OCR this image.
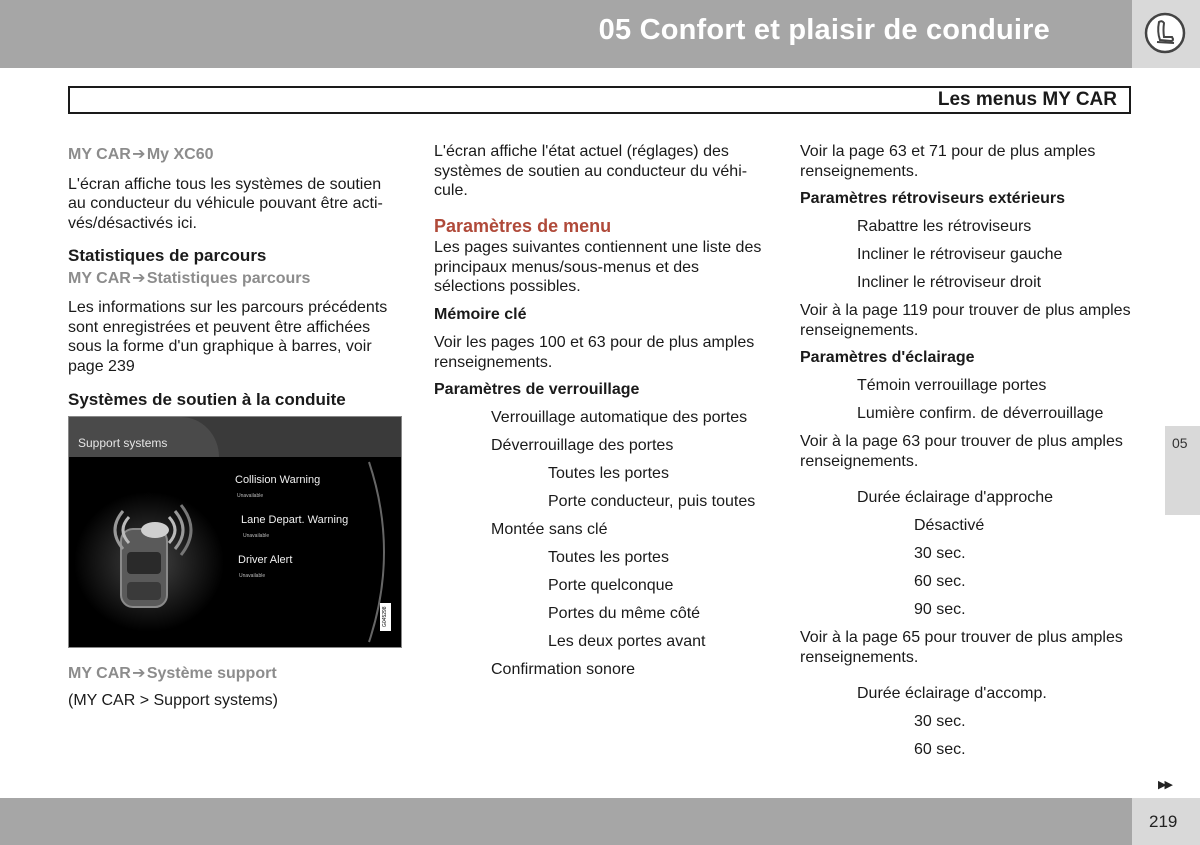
05 Confort et plaisir de conduire
Les menus MY CAR
MY CAR➔My XC60
L'écran affiche tous les systèmes de soutien au conducteur du véhicule pouvant être acti-vés/désactivés ici.
Statistiques de parcours
MY CAR➔Statistiques parcours
Les informations sur les parcours précédents sont enregistrées et peuvent être affichées sous la forme d'un graphique à barres, voir page 239
Systèmes de soutien à la conduite
Support systems
Collision Warning
Unavailable
Lane Depart. Warning
Unavailable
Driver Alert
Unavailable
G045298
MY CAR➔Système support
(MY CAR > Support systems)
L'écran affiche l'état actuel (réglages) des systèmes de soutien au conducteur du véhi-cule.
Paramètres de menu
Les pages suivantes contiennent une liste des principaux menus/sous-menus et des sélections possibles.
Mémoire clé
Voir les pages 100 et 63 pour de plus amples renseignements.
Paramètres de verrouillage
Verrouillage automatique des portes
Déverrouillage des portes
Toutes les portes
Porte conducteur, puis toutes
Montée sans clé
Toutes les portes
Porte quelconque
Portes du même côté
Les deux portes avant
Confirmation sonore
Voir la page 63 et 71 pour de plus amples renseignements.
Paramètres rétroviseurs extérieurs
Rabattre les rétroviseurs
Incliner le rétroviseur gauche
Incliner le rétroviseur droit
Voir à la page 119 pour trouver de plus amples renseignements.
Paramètres d'éclairage
Témoin verrouillage portes
Lumière confirm. de déverrouillage
Voir à la page 63 pour trouver de plus amples renseignements.
Durée éclairage d'approche
Désactivé
30 sec.
60 sec.
90 sec.
Voir à la page 65 pour trouver de plus amples renseignements.
Durée éclairage d'accomp.
30 sec.
60 sec.
05
▶▶
219
